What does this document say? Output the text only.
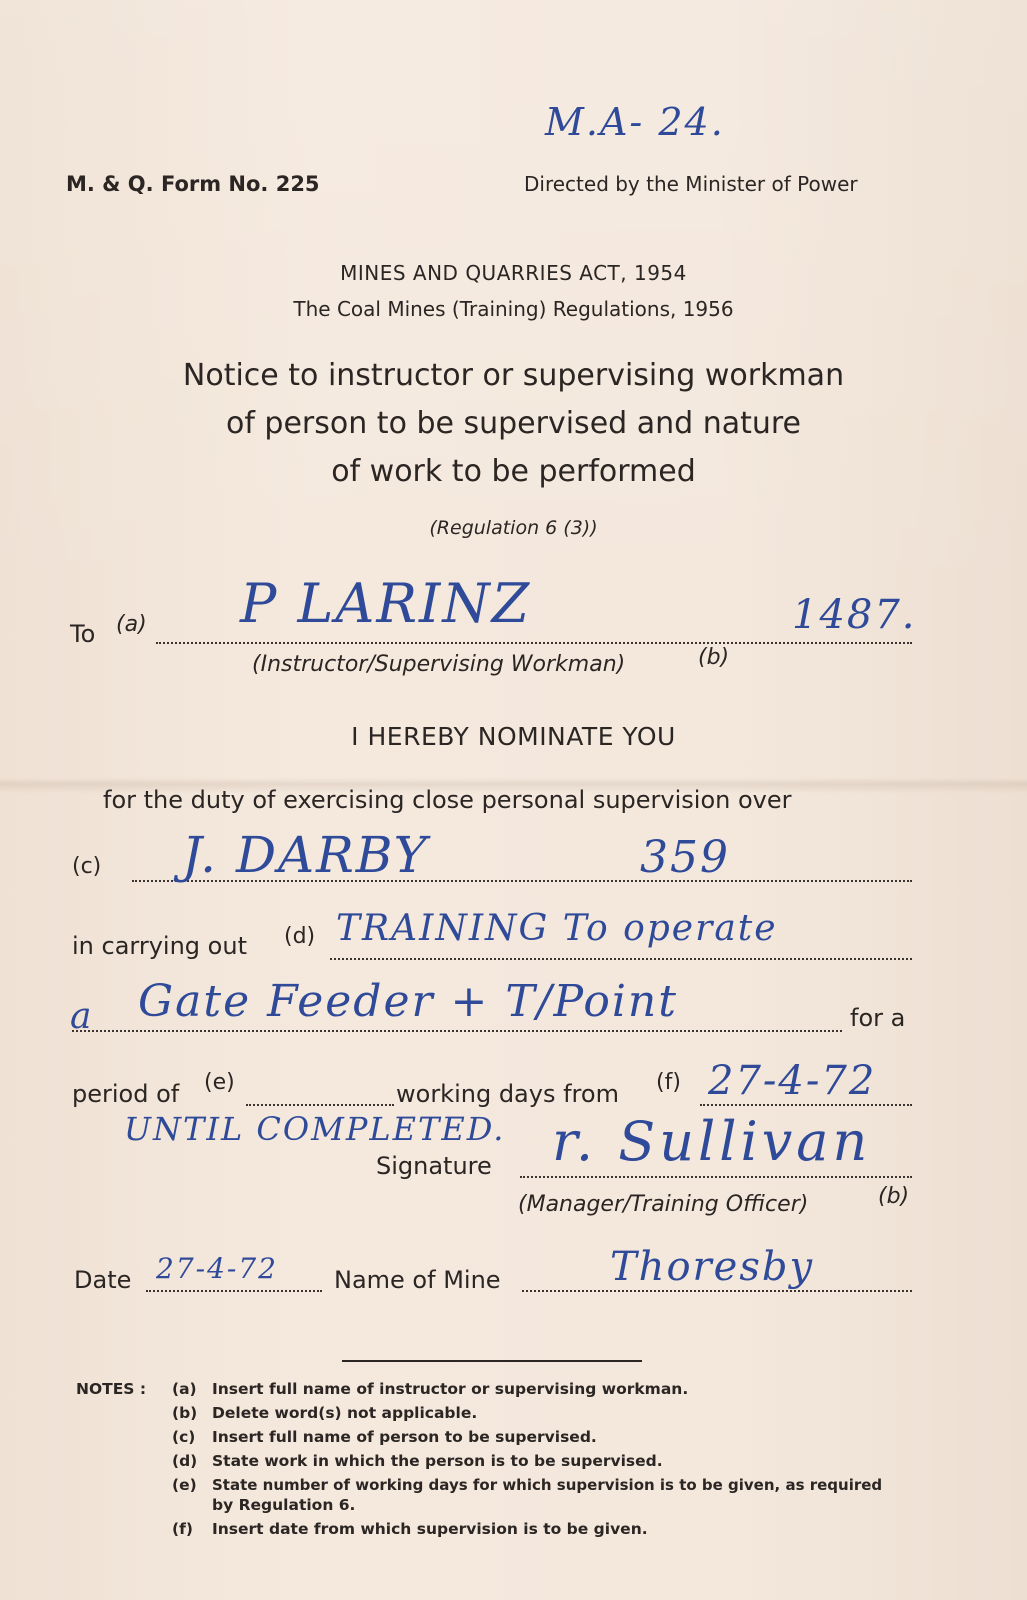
M.A- 24.
M. & Q. Form No. 225	Directed by the Minister of Power
MINES AND QUARRIES ACT, 1954
The Coal Mines (Training) Regulations, 1956
Notice to instructor or supervising workman
of person to be supervised and nature
of work to be performed
(Regulation 6 (3))
To (a) P LARINZ	1487.
(Instructor/Supervising Workman)	(b)
I HEREBY NOMINATE YOU
for the duty of exercising close personal supervision over
(c) J. DARBY	359
in carrying out (d) TRAINING To operate
a Gate Feeder + T/Point	for a
period of (e)	working days from (f) 27-4-72
UNTIL COMPLETED.
Signature r. Sullivan
(Manager/Training Officer)	(b)
Date 27-4-72 Name of Mine	Thoresby
NOTES : (a) Insert full name of instructor or supervising workman.
(b) Delete word(s) not applicable.
(c) Insert full name of person to be supervised.
(d) State work in which the person is to be supervised.
(e) State number of working days for which supervision is to be given, as required
by Regulation 6.
(f) Insert date from which supervision is to be given.
